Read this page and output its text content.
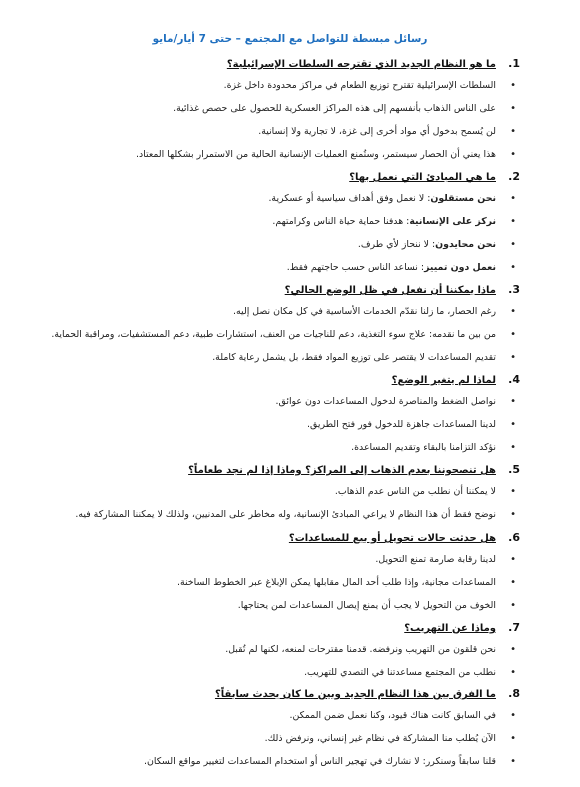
رسائل مبسطة للتواصل مع المجتمع – حتى 7 أيار/مايو
1.
ما هو النظام الجديد الذي تقترحه السلطات الإسرائيلية؟
• السلطات الإسرائيلية تقترح توزيع الطعام في مراكز محدودة داخل غزة.
• على الناس الذهاب بأنفسهم إلى هذه المراكز العسكرية للحصول على حصص غذائية.
• لن يُسمح بدخول أي مواد أخرى إلى غزة، لا تجارية ولا إنسانية.
• هذا يعني أن الحصار سيستمر، وستُمنع العمليات الإنسانية الحالية من الاستمرار بشكلها المعتاد.
2.
ما هي المبادئ التي نعمل بها؟
• نحن مستقلون: لا نعمل وفق أهداف سياسية أو عسكرية.
• نركز على الإنسانية: هدفنا حماية حياة الناس وكرامتهم.
• نحن محايدون: لا ننحاز لأي طرف.
• نعمل دون تمييز: نساعد الناس حسب حاجتهم فقط.
3.
ماذا يمكننا أن نفعل في ظل الوضع الحالي؟
• رغم الحصار، ما زلنا نقدّم الخدمات الأساسية في كل مكان نصل إليه.
• من بين ما نقدمه: علاج سوء التغذية، دعم للناجيات من العنف، استشارات طبية، دعم المستشفيات، ومراقبة الحماية.
• تقديم المساعدات لا يقتصر على توزيع المواد فقط، بل يشمل رعاية كاملة.
4.
لماذا لم يتغير الوضع؟
• نواصل الضغط والمناصرة لدخول المساعدات دون عوائق.
• لدينا المساعدات جاهزة للدخول فور فتح الطريق.
• نؤكد التزامنا بالبقاء وتقديم المساعدة.
5.
هل تنصحوننا بعدم الذهاب إلى المراكز؟ وماذا إذا لم نجد طعاماً؟
• لا يمكننا أن نطلب من الناس عدم الذهاب.
• نوضح فقط أن هذا النظام لا يراعي المبادئ الإنسانية، وله مخاطر على المدنيين، ولذلك لا يمكننا المشاركة فيه.
6.
هل حدثت حالات تحويل أو بيع للمساعدات؟
• لدينا رقابة صارمة تمنع التحويل.
• المساعدات مجانية، وإذا طلب أحد المال مقابلها يمكن الإبلاغ عبر الخطوط الساخنة.
• الخوف من التحويل لا يجب أن يمنع إيصال المساعدات لمن يحتاجها.
7.
وماذا عن التهريب؟
• نحن قلقون من التهريب ونرفضه. قدمنا مقترحات لمنعه، لكنها لم تُقبل.
• نطلب من المجتمع مساعدتنا في التصدي للتهريب.
8.
ما الفرق بين هذا النظام الجديد وبين ما كان يحدث سابقاً؟
• في السابق كانت هناك قيود، وكنا نعمل ضمن الممكن.
• الآن يُطلب منا المشاركة في نظام غير إنساني، ونرفض ذلك.
• قلنا سابقاً وسنكرر: لا نشارك في تهجير الناس أو استخدام المساعدات لتغيير مواقع السكان.
